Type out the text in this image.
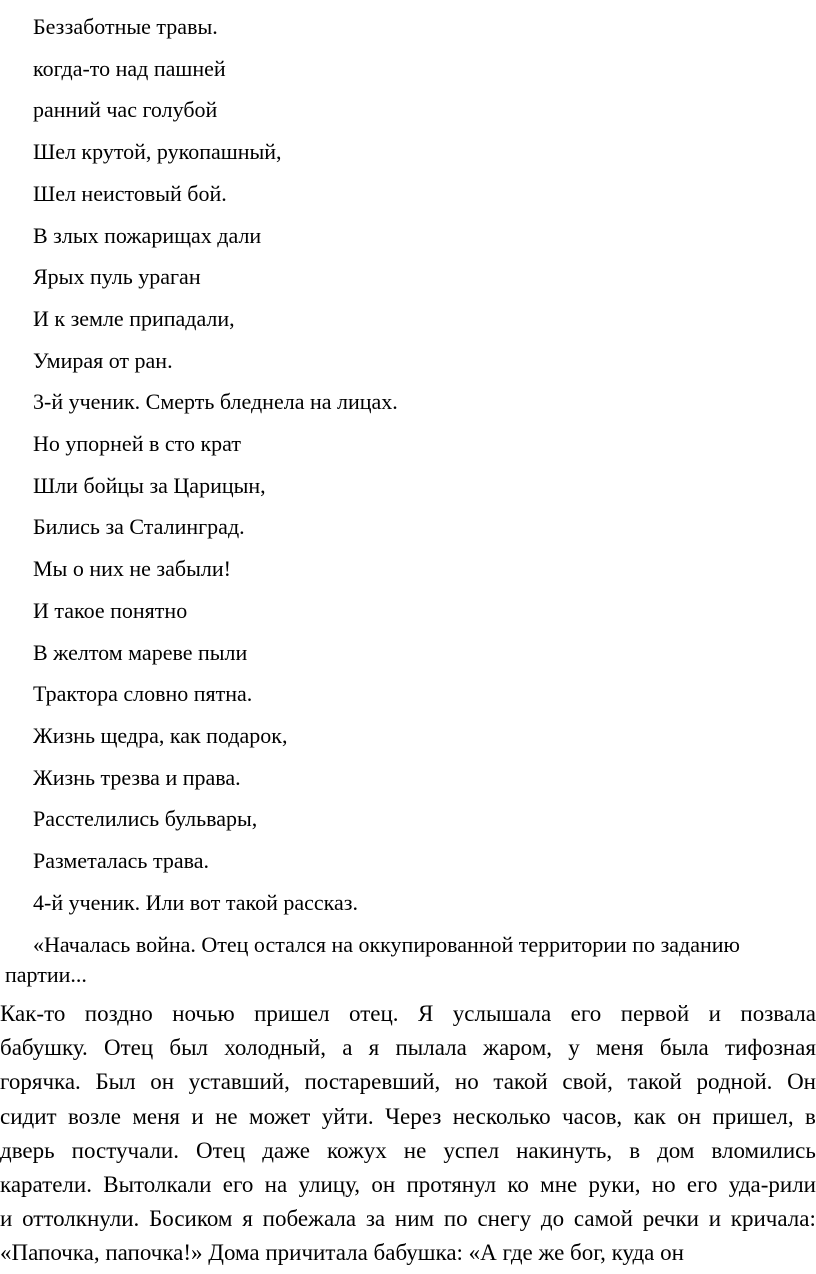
Беззаботные травы.
когда-то над пашней
ранний час голубой
Шел крутой, рукопашный,
Шел неистовый бой.
В злых пожарищах дали
Ярых пуль ураган
И к земле припадали,
Умирая от ран.
3-й ученик. Смерть бледнела на лицах.
Но упорней в сто крат
Шли бойцы за Царицын,
Бились за Сталинград.
Мы о них не забыли!
И такое понятно
В желтом мареве пыли
Трактора словно пятна.
Жизнь щедра, как подарок,
Жизнь трезва и права.
Расстелились бульвары,
Разметалась трава.
4-й ученик. Или вот такой рассказ.
«Началась война. Отец остался на оккупированной территории по заданию партии...
Как-то поздно ночью пришел отец. Я услышала его первой и позвала
бабушку. Отец был холодный, а я пылала жаром, у меня была тифозная
горячка. Был он уставший, постаревший, но такой свой, такой родной. Он
сидит возле меня и не может уйти. Через несколько часов, как он пришел, в
дверь постучали. Отец даже кожух не успел накинуть, в дом вломились
каратели. Вытолкали его на улицу, он протянул ко мне руки, но его уда-рили
и оттолкнули. Босиком я побежала за ним по снегу до самой речки и кричала:
«Папочка, папочка!» Дома причитала бабушка: «А где же бог, куда он
